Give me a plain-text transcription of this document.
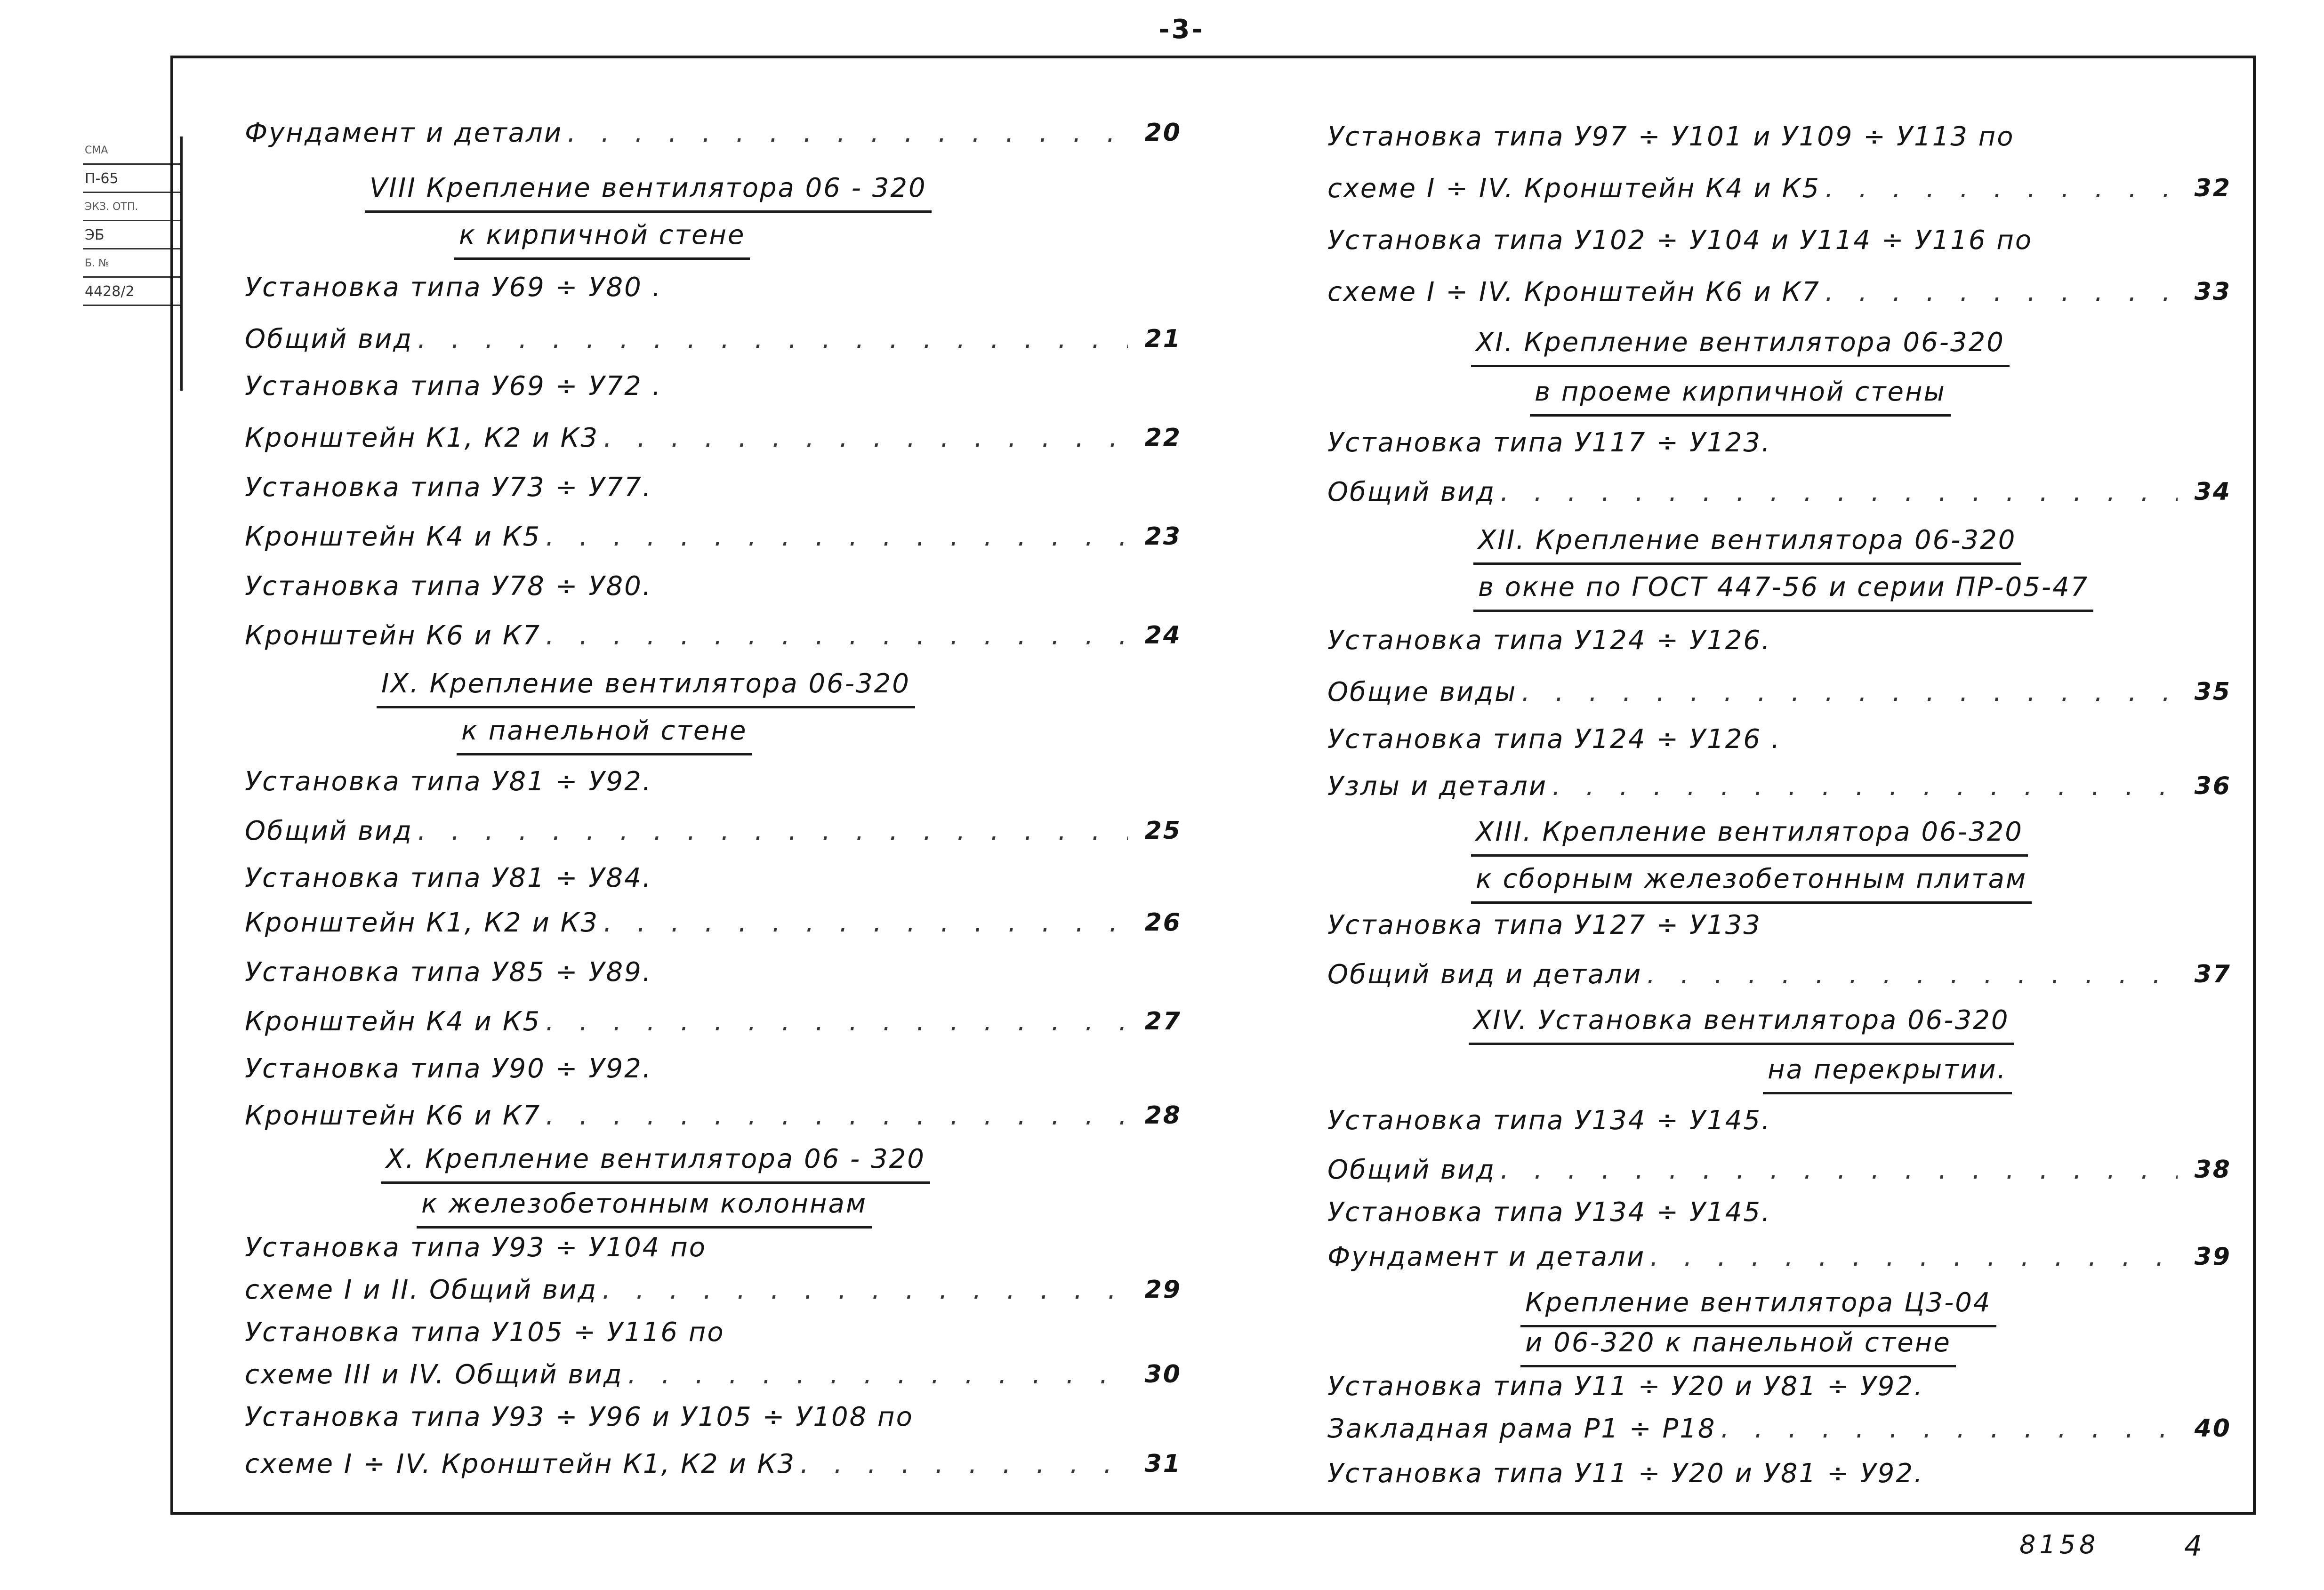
-3-
СМА
П-65
ЭКЗ. ОТП.
ЭБ
Б. №
4428/2
Фундамент и детали . . .	20
VIII Крепление вентилятора 06 - 320
к кирпичной стене
Установка типа У69 ÷ У80 .
Общий вид . . .	21
Установка типа У69 ÷ У72 .
Кронштейн К1, К2 и К3 . . .	22
Установка типа У73 ÷ У77.
Кронштейн К4 и К5 . . .	23
Установка типа У78 ÷ У80.
Кронштейн К6 и К7 . . .	24
IX. Крепление вентилятора 06-320
к панельной стене
Установка типа У81 ÷ У92.
Общий вид . . .	25
Установка типа У81 ÷ У84.
Кронштейн К1, К2 и К3 . . .	26
Установка типа У85 ÷ У89.
Кронштейн К4 и К5 . . .	27
Установка типа У90 ÷ У92.
Кронштейн К6 и К7 . . .	28
X. Крепление вентилятора 06 - 320
к железобетонным колоннам
Установка типа У93 ÷ У104 по
схеме I и II. Общий вид . . .	29
Установка типа У105 ÷ У116 по
схеме III и IV. Общий вид . . .	30
Установка типа У93 ÷ У96 и У105 ÷ У108 по
схеме I ÷ IV. Кронштейн К1, К2 и К3 . . .	31
Установка типа У97 ÷ У101 и У109 ÷ У113 по
схеме I ÷ IV. Кронштейн К4 и К5 . . .	32
Установка типа У102 ÷ У104 и У114 ÷ У116 по
схеме I ÷ IV. Кронштейн К6 и К7 . . .	33
XI. Крепление вентилятора 06-320
в проеме кирпичной стены
Установка типа У117 ÷ У123.
Общий вид . . .	34
XII. Крепление вентилятора 06-320
в окне по ГОСТ 447-56 и серии ПР-05-47
Установка типа У124 ÷ У126.
Общие виды . . .	35
Установка типа У124 ÷ У126 .
Узлы и детали . . .	36
XIII. Крепление вентилятора 06-320
к сборным железобетонным плитам
Установка типа У127 ÷ У133
Общий вид и детали . . .	37
XIV. Установка вентилятора 06-320
на перекрытии.
Установка типа У134 ÷ У145.
Общий вид . . .	38
Установка типа У134 ÷ У145.
Фундамент и детали . . .	39
Крепление вентилятора Ц3-04
и 06-320 к панельной стене
Установка типа У11 ÷ У20 и У81 ÷ У92.
Закладная рама Р1 ÷ Р18 . . .	40
Установка типа У11 ÷ У20 и У81 ÷ У92.
8158	4
